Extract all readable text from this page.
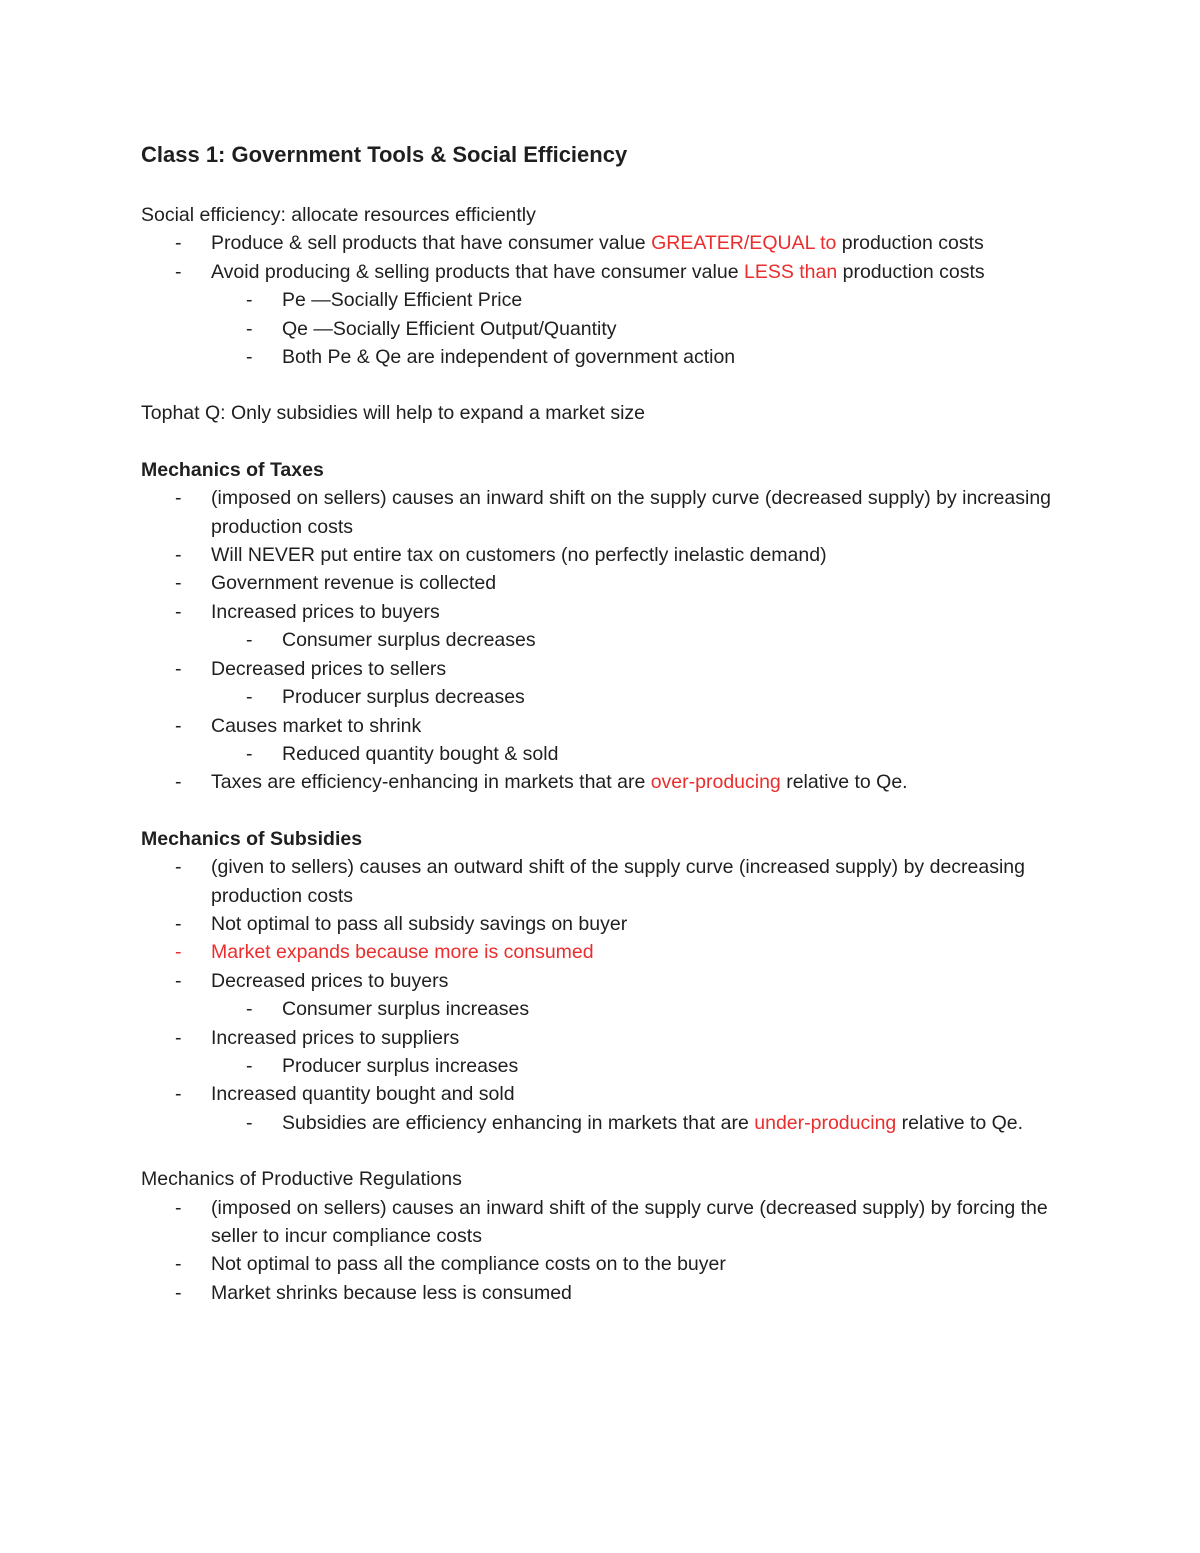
Class 1: Government Tools & Social Efficiency

Social efficiency: allocate resources efficiently

- Produce & sell products that have consumer value GREATER/EQUAL to production costs
- Avoid producing & selling products that have consumer value LESS than production costs
- Pe —Socially Efficient Price
- Qe —Socially Efficient Output/Quantity
- Both Pe & Qe are independent of government action

Tophat Q: Only subsidies will help to expand a market size

Mechanics of Taxes

- (imposed on sellers) causes an inward shift on the supply curve (decreased supply) by increasing production costs
- Will NEVER put entire tax on customers (no perfectly inelastic demand)
- Government revenue is collected
- Increased prices to buyers
- Consumer surplus decreases
- Decreased prices to sellers
- Producer surplus decreases
- Causes market to shrink
- Reduced quantity bought & sold
- Taxes are efficiency-enhancing in markets that are over-producing relative to Qe.

Mechanics of Subsidies

- (given to sellers) causes an outward shift of the supply curve (increased supply) by decreasing production costs
- Not optimal to pass all subsidy savings on buyer
- Market expands because more is consumed
- Decreased prices to buyers
- Consumer surplus increases
- Increased prices to suppliers
- Producer surplus increases
- Increased quantity bought and sold
- Subsidies are efficiency enhancing in markets that are under-producing relative to Qe.

Mechanics of Productive Regulations

- (imposed on sellers) causes an inward shift of the supply curve (decreased supply) by forcing the seller to incur compliance costs
- Not optimal to pass all the compliance costs on to the buyer
- Market shrinks because less is consumed
